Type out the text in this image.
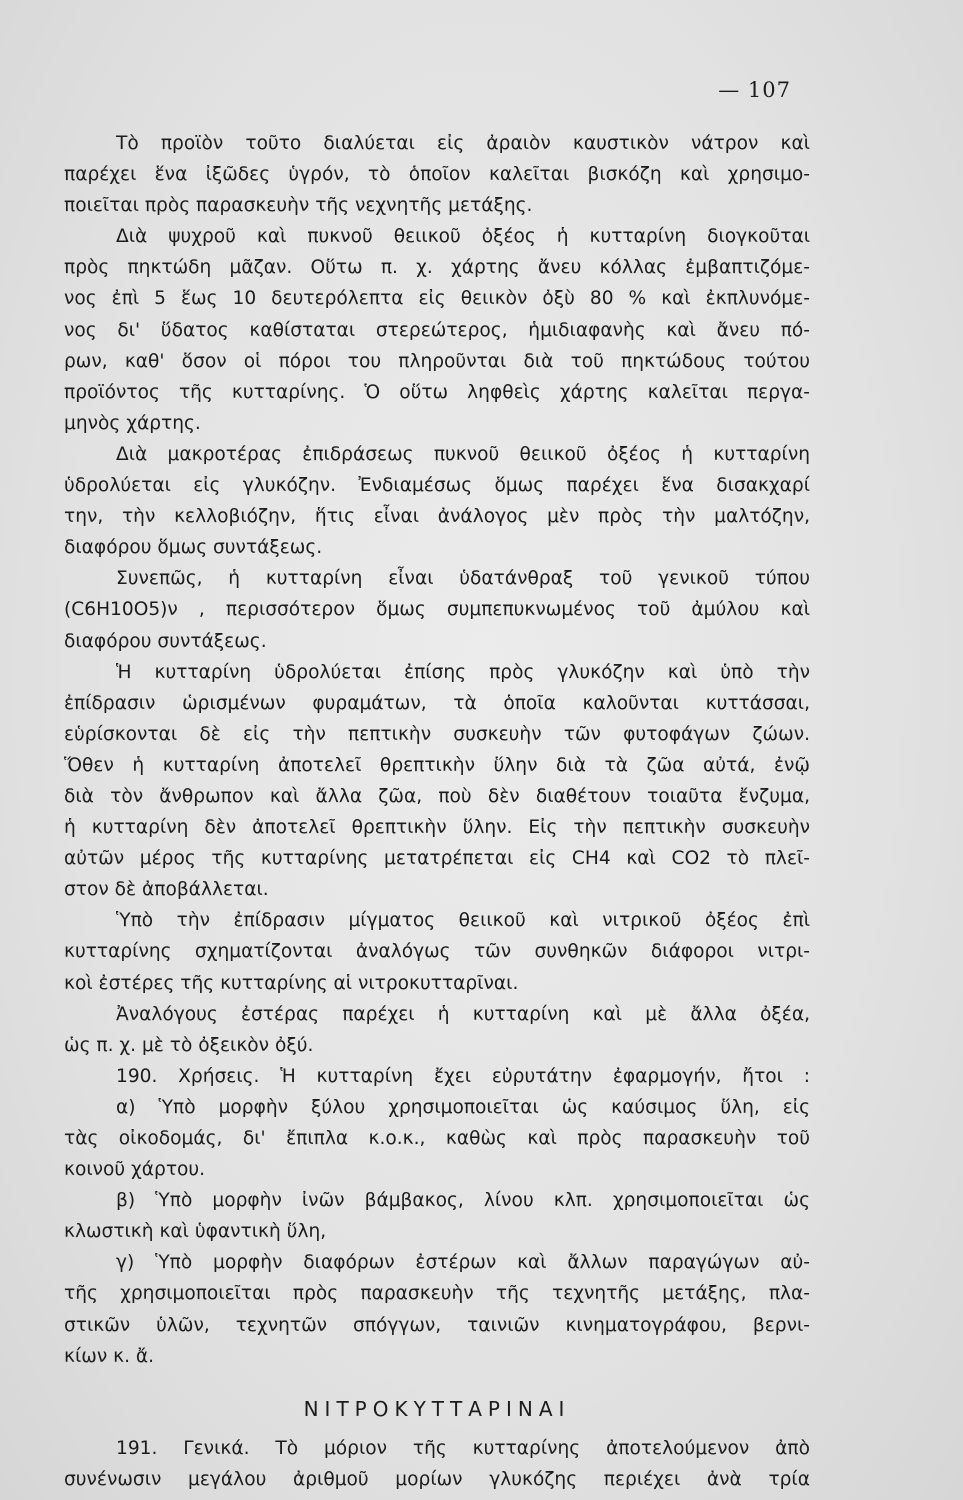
— 107
Τὸ προϊὸν τοῦτο διαλύεται εἰς ἀραιὸν καυστικὸν νάτρον καὶ
παρέχει ἕνα ἰξῶδες ὑγρόν, τὸ ὁποῖον καλεῖται βισκόζη καὶ χρησιμο-
ποιεῖται πρὸς παρασκευὴν τῆς νεχνητῆς μετάξης.
Διὰ ψυχροῦ καὶ πυκνοῦ θειικοῦ ὀξέος ἡ κυτταρίνη διογκοῦται
πρὸς πηκτώδη μᾶζαν. Οὕτω π. χ. χάρτης ἄνευ κόλλας ἐμβαπτιζόμε-
νος ἐπὶ 5 ἕως 10 δευτερόλεπτα εἰς θειικὸν ὀξὺ 80 % καὶ ἐκπλυνόμε-
νος δι' ὕδατος καθίσταται στερεώτερος, ἡμιδιαφανὴς καὶ ἄνευ πό-
ρων, καθ' ὅσον οἱ πόροι του πληροῦνται διὰ τοῦ πηκτώδους τούτου
προϊόντος τῆς κυτταρίνης. Ὁ οὕτω ληφθεὶς χάρτης καλεῖται περγα-
μηνὸς χάρτης.
Διὰ μακροτέρας ἐπιδράσεως πυκνοῦ θειικοῦ ὀξέος ἡ κυτταρίνη
ὑδρολύεται εἰς γλυκόζην. Ἐνδιαμέσως ὅμως παρέχει ἕνα δισακχαρί
την, τὴν κελλοβιόζην, ἥτις εἶναι ἀνάλογος μὲν πρὸς τὴν μαλτόζην,
διαφόρου ὅμως συντάξεως.
Συνεπῶς, ἡ κυτταρίνη εἶναι ὑδατάνθραξ τοῦ γενικοῦ τύπου
(C6H10O5)ν , περισσότερον ὅμως συμπεπυκνωμένος τοῦ ἀμύλου καὶ
διαφόρου συντάξεως.
Ἡ κυτταρίνη ὑδρολύεται ἐπίσης πρὸς γλυκόζην καὶ ὑπὸ τὴν
ἐπίδρασιν ὡρισμένων φυραμάτων, τὰ ὁποῖα καλοῦνται κυττάσσαι,
εὑρίσκονται δὲ εἰς τὴν πεπτικὴν συσκευὴν τῶν φυτοφάγων ζώων.
Ὅθεν ἡ κυτταρίνη ἀποτελεῖ θρεπτικὴν ὕλην διὰ τὰ ζῶα αὐτά, ἐνῷ
διὰ τὸν ἄνθρωπον καὶ ἄλλα ζῶα, ποὺ δὲν διαθέτουν τοιαῦτα ἔνζυμα,
ἡ κυτταρίνη δὲν ἀποτελεῖ θρεπτικὴν ὕλην. Εἰς τὴν πεπτικὴν συσκευὴν
αὐτῶν μέρος τῆς κυτταρίνης μετατρέπεται εἰς CH4 καὶ CO2 τὸ πλεῖ-
στον δὲ ἀποβάλλεται.
Ὑπὸ τὴν ἐπίδρασιν μίγματος θειικοῦ καὶ νιτρικοῦ ὀξέος ἐπὶ
κυτταρίνης σχηματίζονται ἀναλόγως τῶν συνθηκῶν διάφοροι νιτρι-
κοὶ ἐστέρες τῆς κυτταρίνης αἱ νιτροκυτταρῖναι.
Ἀναλόγους ἐστέρας παρέχει ἡ κυτταρίνη καὶ μὲ ἄλλα ὀξέα,
ὡς π. χ. μὲ τὸ ὀξεικὸν ὀξύ.
190. Χρήσεις. Ἡ κυτταρίνη ἔχει εὐρυτάτην ἐφαρμογήν, ἤτοι :
α) Ὑπὸ μορφὴν ξύλου χρησιμοποιεῖται ὡς καύσιμος ὕλη, εἰς
τὰς οἰκοδομάς, δι' ἔπιπλα κ.ο.κ., καθὼς καὶ πρὸς παρασκευὴν τοῦ
κοινοῦ χάρτου.
β) Ὑπὸ μορφὴν ἰνῶν βάμβακος, λίνου κλπ. χρησιμοποιεῖται ὡς
κλωστικὴ καὶ ὑφαντικὴ ὕλη,
γ) Ὑπὸ μορφὴν διαφόρων ἐστέρων καὶ ἄλλων παραγώγων αὐ-
τῆς χρησιμοποιεῖται πρὸς παρασκευὴν τῆς τεχνητῆς μετάξης, πλα-
στικῶν ὑλῶν, τεχνητῶν σπόγγων, ταινιῶν κινηματογράφου, βερνι-
κίων κ. ἄ.
ΝΙΤΡΟΚΥΤΤΑΡΙΝΑΙ
191. Γενικά. Τὸ μόριον τῆς κυτταρίνης ἀποτελούμενον ἀπὸ
συνένωσιν μεγάλου ἀριθμοῦ μορίων γλυκόζης περιέχει ἀνὰ τρία
